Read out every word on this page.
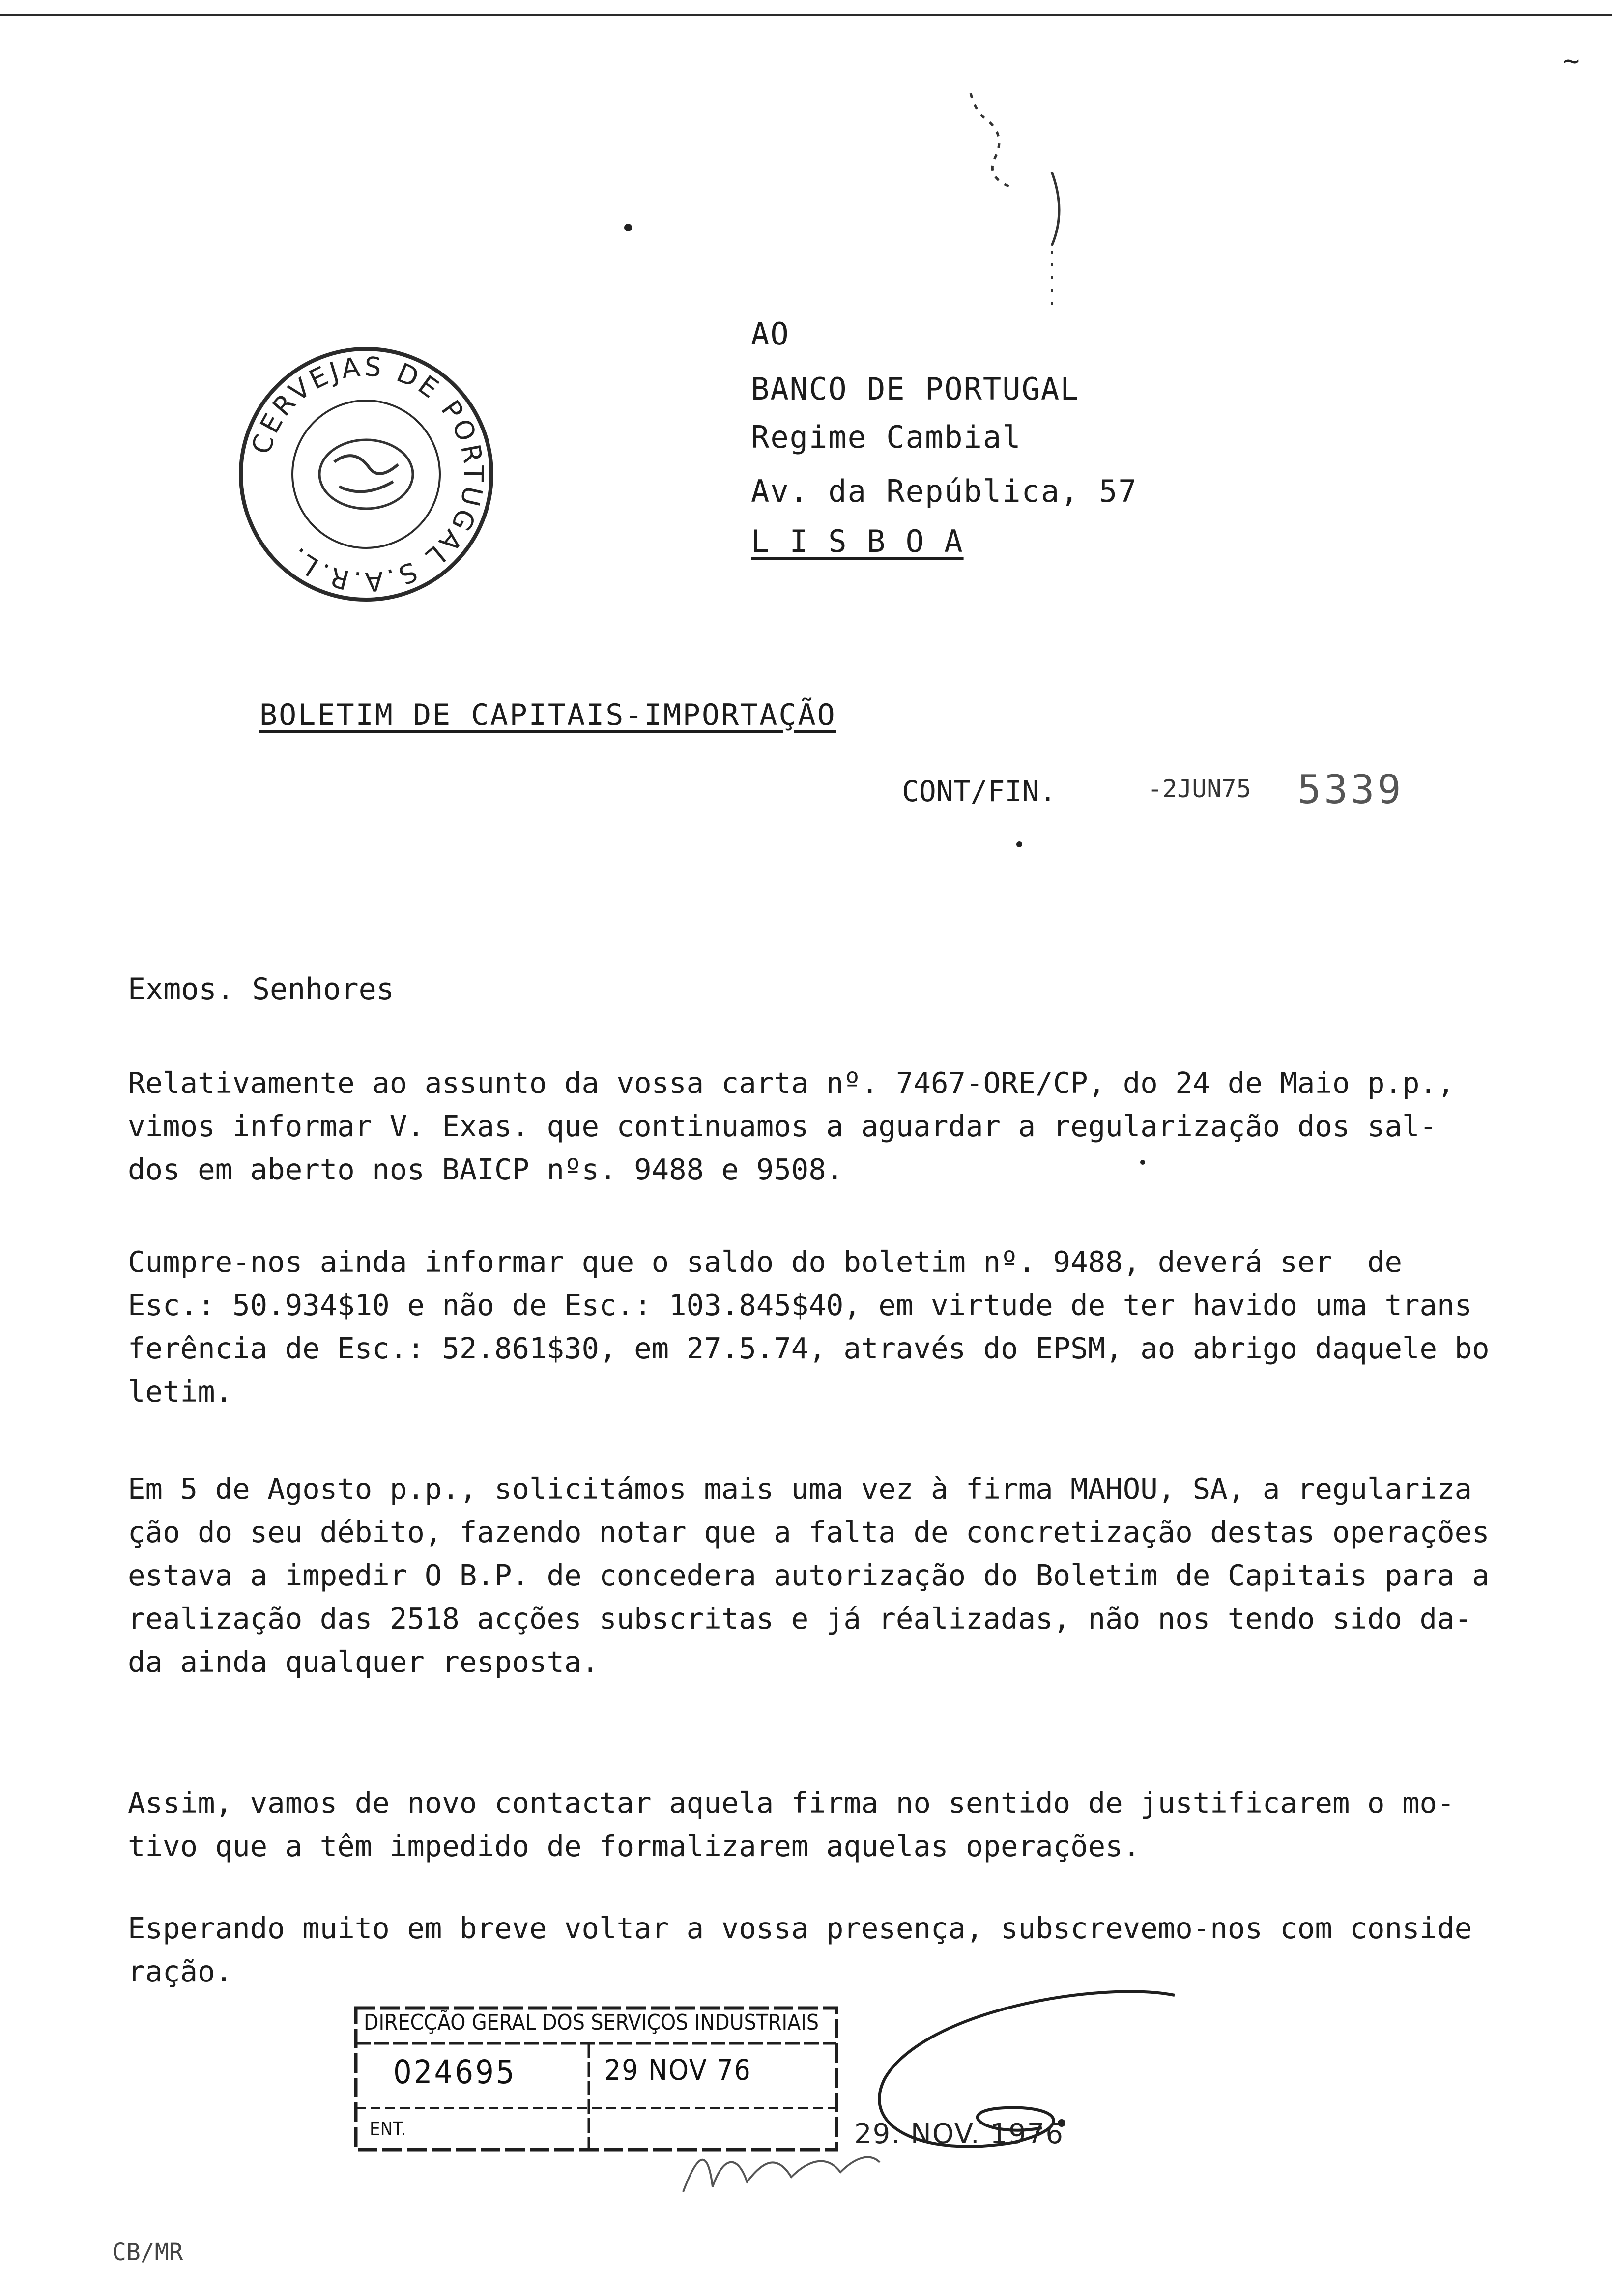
~
CERVEJAS DE PORTUGAL S.A.R.L.
AO
BANCO DE PORTUGAL
Regime Cambial
Av. da República, 57
L I S B O A
BOLETIM DE CAPITAIS-IMPORTAÇÃO
CONT/FIN.	-2JUN75 5339
Exmos. Senhores
Relativamente ao assunto da vossa carta nº. 7467-ORE/CP, do 24 de Maio p.p.,
vimos informar V. Exas. que continuamos a aguardar a regularização dos sal-
dos em aberto nos BAICP nºs. 9488 e 9508.
Cumpre-nos ainda informar que o saldo do boletim nº. 9488, deverá ser  de
Esc.: 50.934$10 e não de Esc.: 103.845$40, em virtude de ter havido uma trans
ferência de Esc.: 52.861$30, em 27.5.74, através do EPSM, ao abrigo daquele bo
letim.
Em 5 de Agosto p.p., solicitámos mais uma vez à firma MAHOU, SA, a regulariza
ção do seu débito, fazendo notar que a falta de concretização destas operações
estava a impedir O B.P. de concedera autorização do Boletim de Capitais para a
realização das 2518 acções subscritas e já réalizadas, não nos tendo sido da-
da ainda qualquer resposta.
Assim, vamos de novo contactar aquela firma no sentido de justificarem o mo-
tivo que a têm impedido de formalizarem aquelas operações.
Esperando muito em breve voltar a vossa presença, subscrevemo-nos com conside
ração.
DIRECÇÃO GERAL DOS SERVIÇOS INDUSTRIAIS
024695	29 NOV 76
ENT.	29. NOV. 1976
CB/MR
